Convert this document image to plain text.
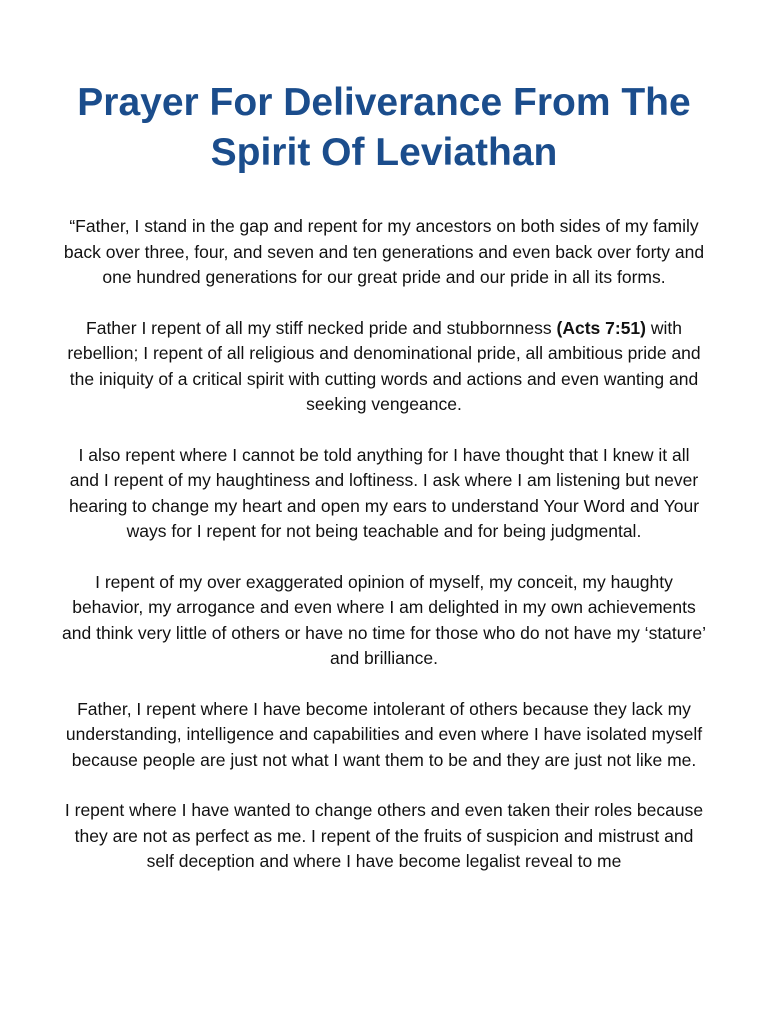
Prayer For Deliverance From The Spirit Of Leviathan

“Father, I stand in the gap and repent for my ancestors on both sides of my family back over three, four, and seven and ten generations and even back over forty and one hundred generations for our great pride and our pride in all its forms.

Father I repent of all my stiff necked pride and stubbornness (Acts 7:51) with rebellion; I repent of all religious and denominational pride, all ambitious pride and the iniquity of a critical spirit with cutting words and actions and even wanting and seeking vengeance.

I also repent where I cannot be told anything for I have thought that I knew it all and I repent of my haughtiness and loftiness. I ask where I am listening but never hearing to change my heart and open my ears to understand Your Word and Your ways for I repent for not being teachable and for being judgmental.

I repent of my over exaggerated opinion of myself, my conceit, my haughty behavior, my arrogance and even where I am delighted in my own achievements and think very little of others or have no time for those who do not have my ‘stature’ and brilliance.

Father, I repent where I have become intolerant of others because they lack my understanding, intelligence and capabilities and even where I have isolated myself because people are just not what I want them to be and they are just not like me.

I repent where I have wanted to change others and even taken their roles because they are not as perfect as me. I repent of the fruits of suspicion and mistrust and self deception and where I have become legalist reveal to me
